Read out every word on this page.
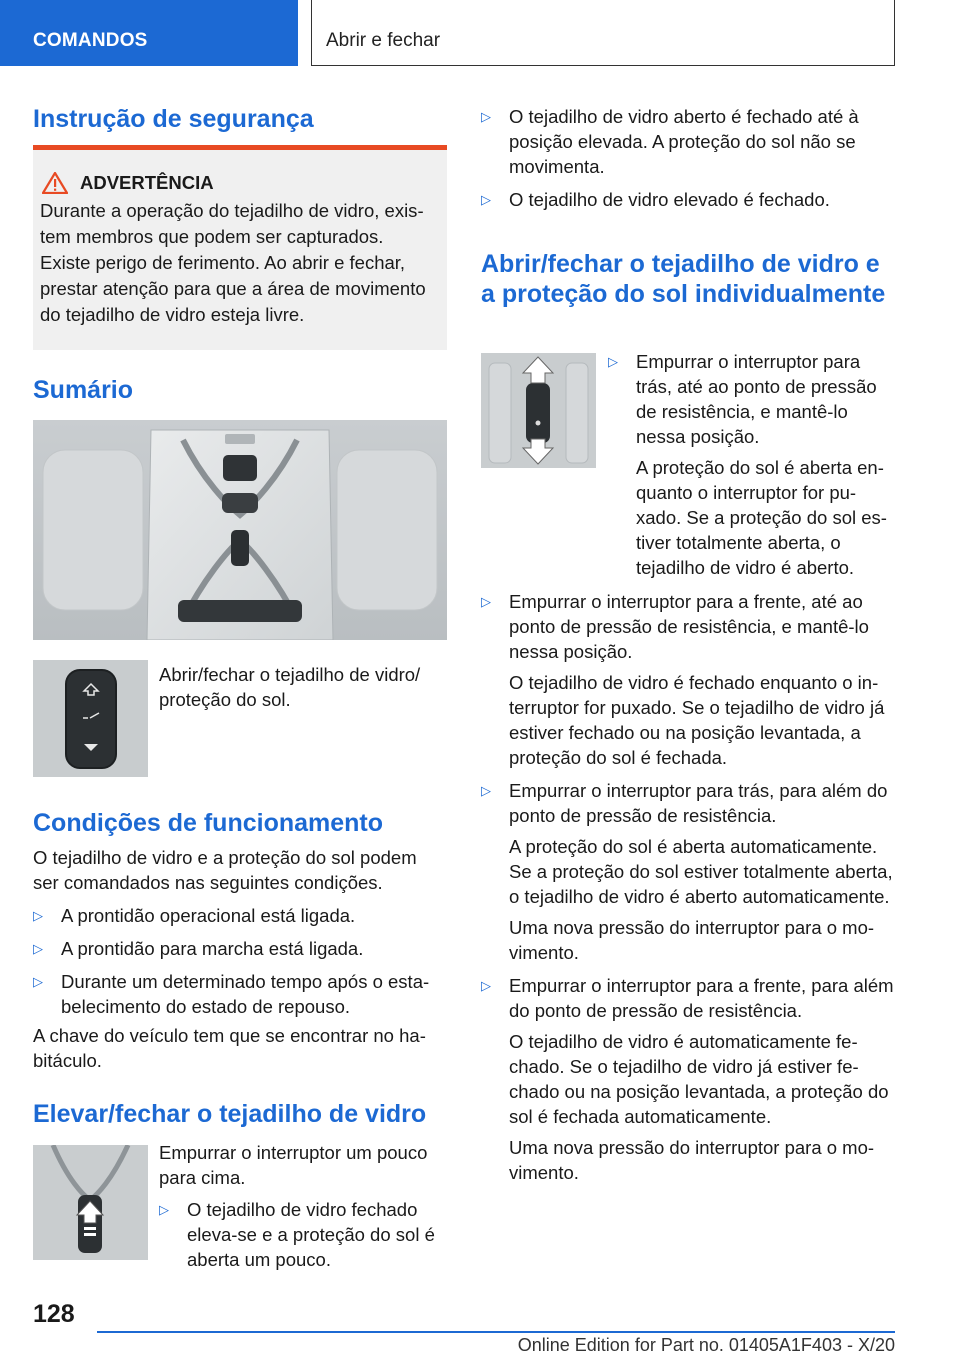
COMANDOS	Abrir e fechar
Instrução de segurança
ADVERTÊNCIA

Durante a operação do tejadilho de vidro, existem membros que podem ser capturados. Existe perigo de ferimento. Ao abrir e fechar, prestar atenção para que a área de movimento do tejadilho de vidro esteja livre.

Sumário

Abrir/fechar o tejadilho de vidro/ proteção do sol.

Condições de funcionamento

O tejadilho de vidro e a proteção do sol podem ser comandados nas seguintes condições.

▷ A prontidão operacional está ligada.
▷ A prontidão para marcha está ligada.
▷ Durante um determinado tempo após o estabelecimento do estado de repouso.

A chave do veículo tem que se encontrar no habitáculo.

Elevar/fechar o tejadilho de vidro

Empurrar o interruptor um pouco para cima.

▷ O tejadilho de vidro fechado eleva-se e a proteção do sol é aberta um pouco.
▷ O tejadilho de vidro aberto é fechado até à posição elevada. A proteção do sol não se movimenta.
▷ O tejadilho de vidro elevado é fechado.
Abrir/fechar o tejadilho de vidro e a proteção do sol individualmente
▷ Empurrar o interruptor para trás, até ao ponto de pressão de resistência, e mantê-lo nessa posição.

A proteção do sol é aberta enquanto o interruptor for puxado. Se a proteção do sol estiver totalmente aberta, o tejadilho de vidro é aberto.

▷ Empurrar o interruptor para a frente, até ao ponto de pressão de resistência, e mantê-lo nessa posição.

O tejadilho de vidro é fechado enquanto o interruptor for puxado. Se o tejadilho de vidro já estiver fechado ou na posição levantada, a proteção do sol é fechada.

▷ Empurrar o interruptor para trás, para além do ponto de pressão de resistência.

A proteção do sol é aberta automaticamente. Se a proteção do sol estiver totalmente aberta, o tejadilho de vidro é aberto automaticamente.

Uma nova pressão do interruptor para o movimento.

▷ Empurrar o interruptor para a frente, para além do ponto de pressão de resistência.

O tejadilho de vidro é automaticamente fechado. Se o tejadilho de vidro já estiver fechado ou na posição levantada, a proteção do sol é fechada automaticamente.

Uma nova pressão do interruptor para o movimento.

128
Online Edition for Part no. 01405A1F403 - X/20
